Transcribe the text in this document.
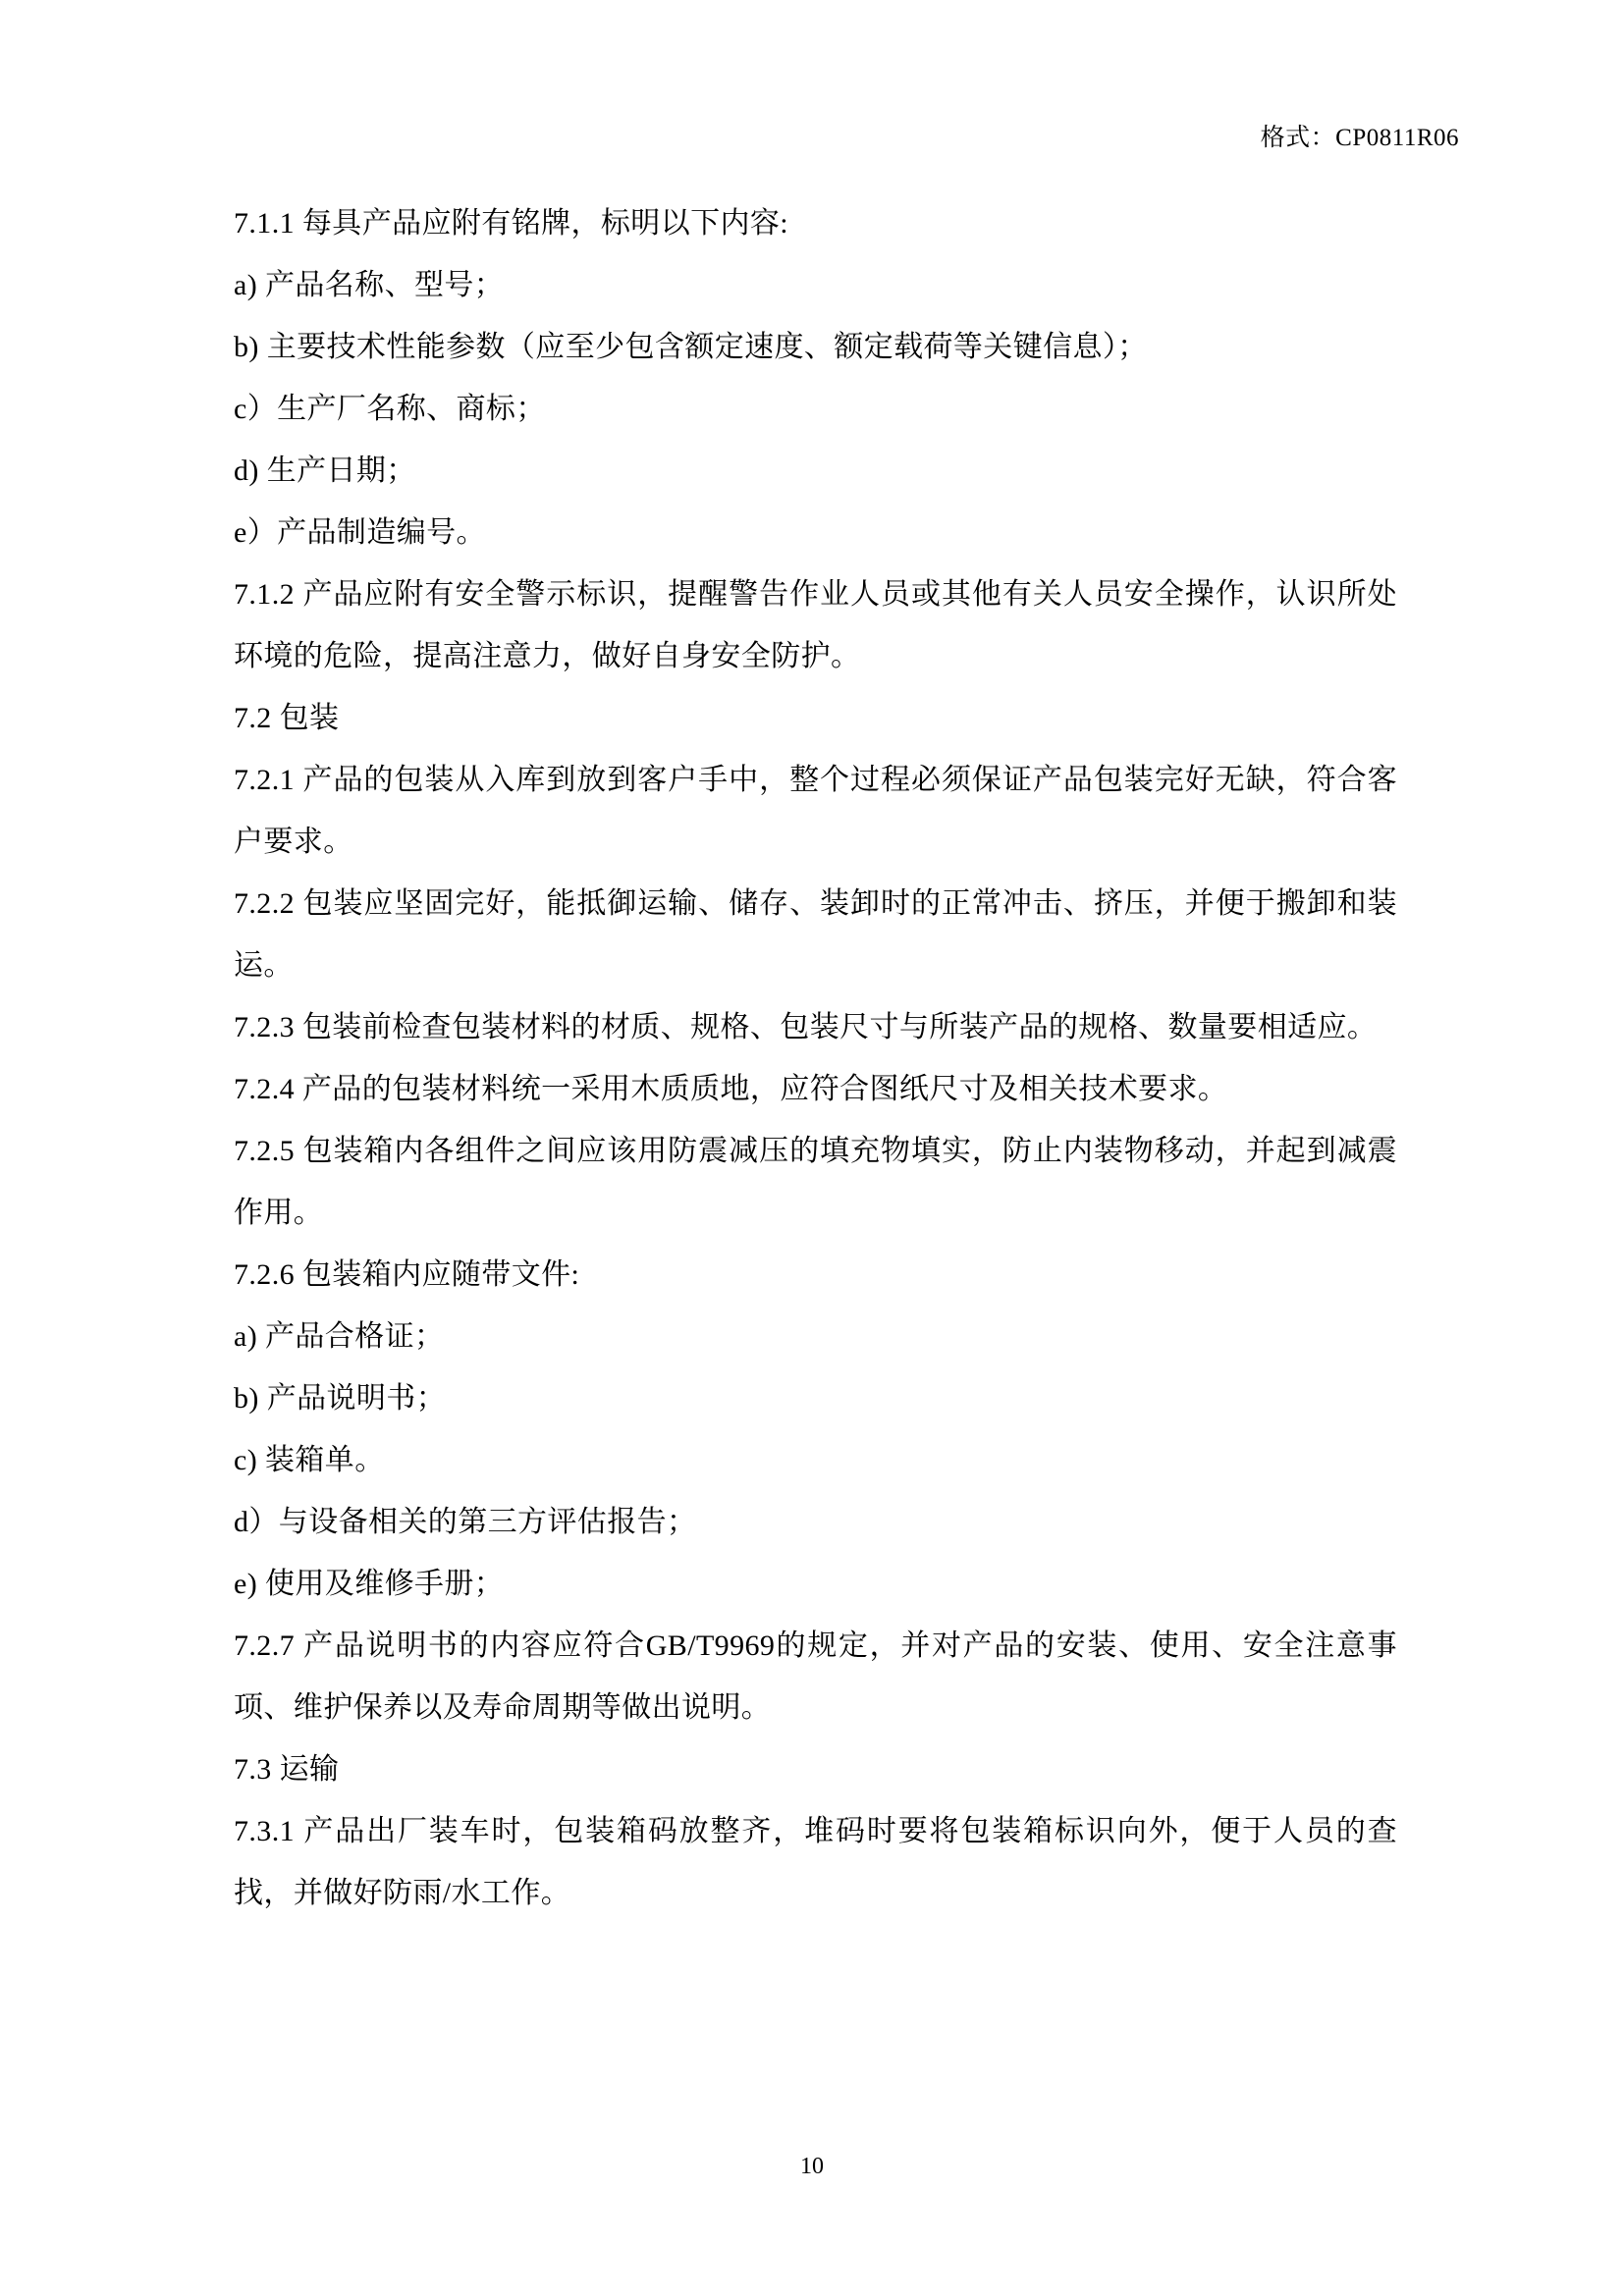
格式：CP0811R06

7.1.1 每具产品应附有铭牌，标明以下内容:

a) 产品名称、型号；

b) 主要技术性能参数（应至少包含额定速度、额定载荷等关键信息）；

c）生产厂名称、商标；

d) 生产日期；

e）产品制造编号。

7.1.2 产品应附有安全警示标识，提醒警告作业人员或其他有关人员安全操作，认识所处环境的危险，提高注意力，做好自身安全防护。

7.2 包装

7.2.1 产品的包装从入库到放到客户手中，整个过程必须保证产品包装完好无缺，符合客户要求。

7.2.2 包装应坚固完好，能抵御运输、储存、装卸时的正常冲击、挤压，并便于搬卸和装运。

7.2.3 包装前检查包装材料的材质、规格、包装尺寸与所装产品的规格、数量要相适应。

7.2.4 产品的包装材料统一采用木质质地，应符合图纸尺寸及相关技术要求。

7.2.5 包装箱内各组件之间应该用防震减压的填充物填实，防止内装物移动，并起到减震作用。

7.2.6 包装箱内应随带文件:

a) 产品合格证；

b) 产品说明书；

c) 装箱单。

d）与设备相关的第三方评估报告；

e) 使用及维修手册；

7.2.7 产品说明书的内容应符合GB/T9969的规定，并对产品的安装、使用、安全注意事项、维护保养以及寿命周期等做出说明。

7.3 运输

7.3.1 产品出厂装车时，包装箱码放整齐，堆码时要将包装箱标识向外，便于人员的查找，并做好防雨/水工作。

10
